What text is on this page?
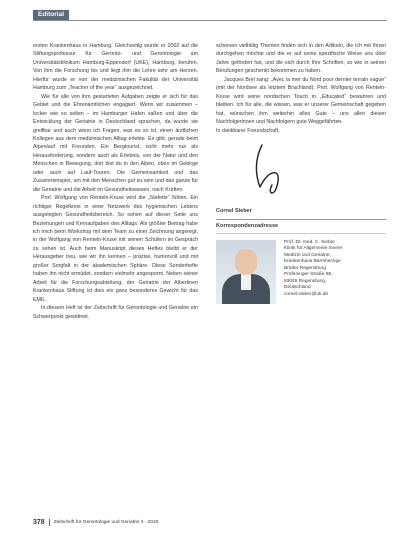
Editorial

ersten Krankenhaus in Hamburg. Gleichzeitig wurde er 2002 auf die Stiftungsprofessur für Geronto- und Gerontologie am Universitätsklinikum Hamburg-Eppendorf (UKE), Hamburg, berufen. Von ihm die Forschung bis und liegt ihm die Lehre sehr am Herzen. Hierfür wurde er von der medizinischen Fakultät der Universität Hamburg zum „Teacher of the year“ ausgezeichnet.

Wie für alle von ihm gestarteten Aufgaben zeigte er sich für das Gebiet und die Ehrenamtlichen engagiert. Wenn wir zusammen – locker wie so selten – im Hamburger Hafen saßen und über die Entwicklung der Geriatrie in Deutschland sprachen, da wurde sie greifbar und auch wenn ich Fragen, was es so ist, einen ärztlichen Kollegen aus dem medizinischen Alltag erlebte. Es gibt, gerade beim Alpenlauf mit Freunden. Ein Bergtourist, nicht mehr nur als Herausforderung, sondern auch als Erlebnis, von der Natur und den Menschen in Bewegung, dort bist du in den Alpen, oben im Gebirge oder auch auf Lauf-Touren. Die Gemeinsamkeit und das Zusammenspiel, um mit den Menschen gut zu sein und das ganze für die Geriatrie und die Arbeit im Gesundheitswesen, nach Kräften.

Prof. Wolfgang von Renteln-Kruse wird die „Stafette“ fühlen. Ein richtiger Regelkreis in einer Netzwerk des hygienischen Lebens ausgelegten Gesundheitsbereich. So sehen auf dieser Seite uns Beziehungen und Kernaufgaben des Alltags. Als größter Beitrag habe ich mich beim Workshop mit dem Team zu einer Zeichnung angeregt, in der Wolfgang von Renteln-Kruse mit seinen Schülern im Gespräch zu sehen ist. Auch beim Manuskript dieses Heftes bleibt er der Herausgeber treu, wie wir ihn kennen – präzise, humorvoll und mit großer Sorgfalt in der akademischen Sphäre. Diese Sonderhefte haben ihn nicht ermüdet, sondern vielmehr angespornt. Neben seiner Arbeit für die Forschungsabteilung, der Geriatrie der Albertinen Krankenhaus Stiftung ist dies ein ganz besonderes Gewicht für das EMIL.

In diesem Heft ist der Zeitschrift für Gerontologie und Geriatrie ein Schwerpunkt gewidmet.

schienen vielfältig Themen finden sich in den Artikeln, die ich mit Ihnen durchgehen möchte und die er auf seine spezifische Weise uns über Jahre gefördert hat, und die sich durch Ihre Schriften, so wie in seinen Berufungen geschenkt bekommen zu haben.

Jacques Brel sang: „Avec la mer du Nord pour dernier terrain vague“ (mit der Nordsee als letztem Brachland). Prof. Wolfgang von Renteln-Kruse wird seine nordischen Touch in „Educated“ bewahren und bleiben. Ich für alle, die wissen, was er unserer Gemeinschaft gegeben hat, wünschen ihm weiterhin alles Gute – uns allen diesen Nachfolgerinnen und Nachfolgern gute Weggefährten.

In dankbarer Freundschaft,

Cornel Sieber
Korrespondenzadresse
Prof. Dr. med. C. Sieber
Klinik für Allgemeine Innere
Medizin und Geriatrie,
Krankenhaus Barmherzige
Brüder Regensburg
Prüfeninger Straße 86,
93049 Regensburg,
Deutschland
cornel.sieber@uk.de
378 Zeitschrift für Gerontologie und Geriatrie 4 · 2018
